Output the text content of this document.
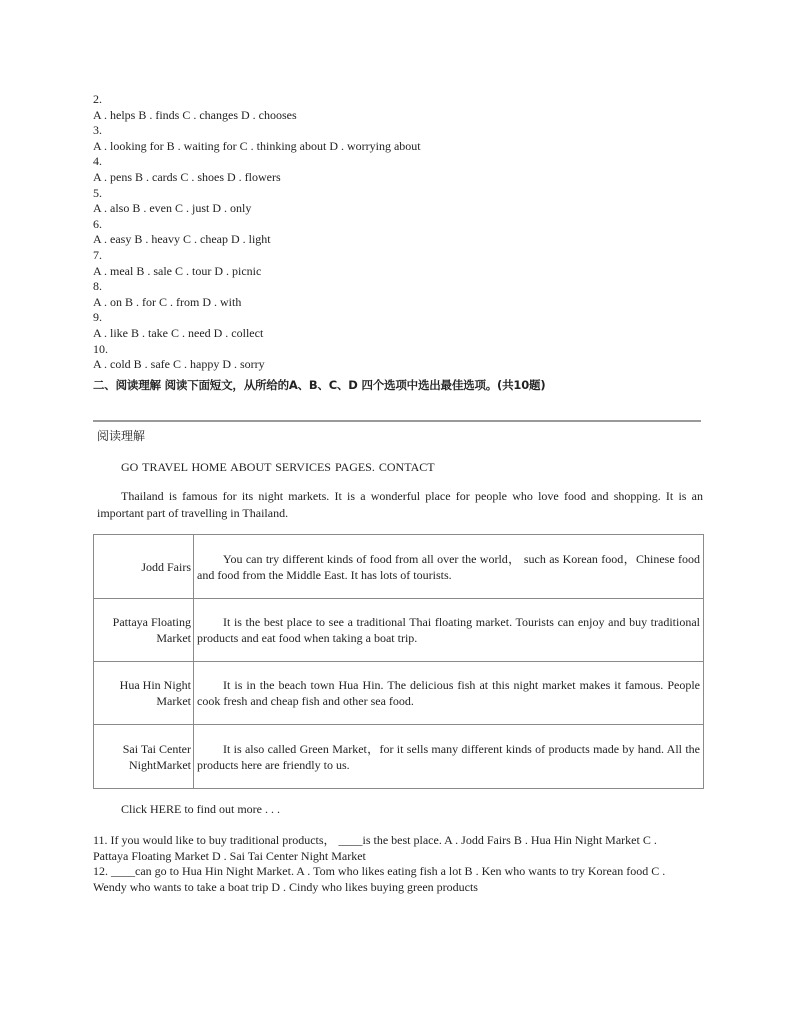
2.
A . helps B . finds C . changes D . chooses
3.
A . looking for B . waiting for C . thinking about D . worrying about
4.
A . pens B . cards C . shoes D . flowers
5.
A . also B . even C . just D . only
6.
A . easy B . heavy C . cheap D . light
7.
A . meal B . sale C . tour D . picnic
8.
A . on B . for C . from D . with
9.
A . like B . take C . need D . collect
10.
A . cold B . safe C . happy D . sorry
二、阅读理解 阅读下面短文，从所给的A、B、C、D 四个选项中选出最佳选项。(共10题)
阅读理解
GO TRAVEL HOME ABOUT SERVICES PAGES. CONTACT
Thailand is famous for its night markets. It is a wonderful place for people who love food and shopping. It is an important part of travelling in Thailand.
Jodd Fairs	You can try different kinds of food from all over the world， such as Korean food，Chinese food and food from the Middle East. It has lots of tourists.
Pattaya Floating Market	It is the best place to see a traditional Thai floating market. Tourists can enjoy and buy traditional products and eat food when taking a boat trip.
Hua Hin Night Market	It is in the beach town Hua Hin. The delicious fish at this night market makes it famous. People cook fresh and cheap fish and other sea food.
Sai Tai Center NightMarket	It is also called Green Market，for it sells many different kinds of products made by hand. All the products here are friendly to us.
Click HERE to find out more . . .
11. If you would like to buy traditional products， ____is the best place. A . Jodd Fairs B . Hua Hin Night Market C . Pattaya Floating Market D . Sai Tai Center Night Market
12. ____can go to Hua Hin Night Market. A . Tom who likes eating fish a lot B . Ken who wants to try Korean food C . Wendy who wants to take a boat trip D . Cindy who likes buying green products
